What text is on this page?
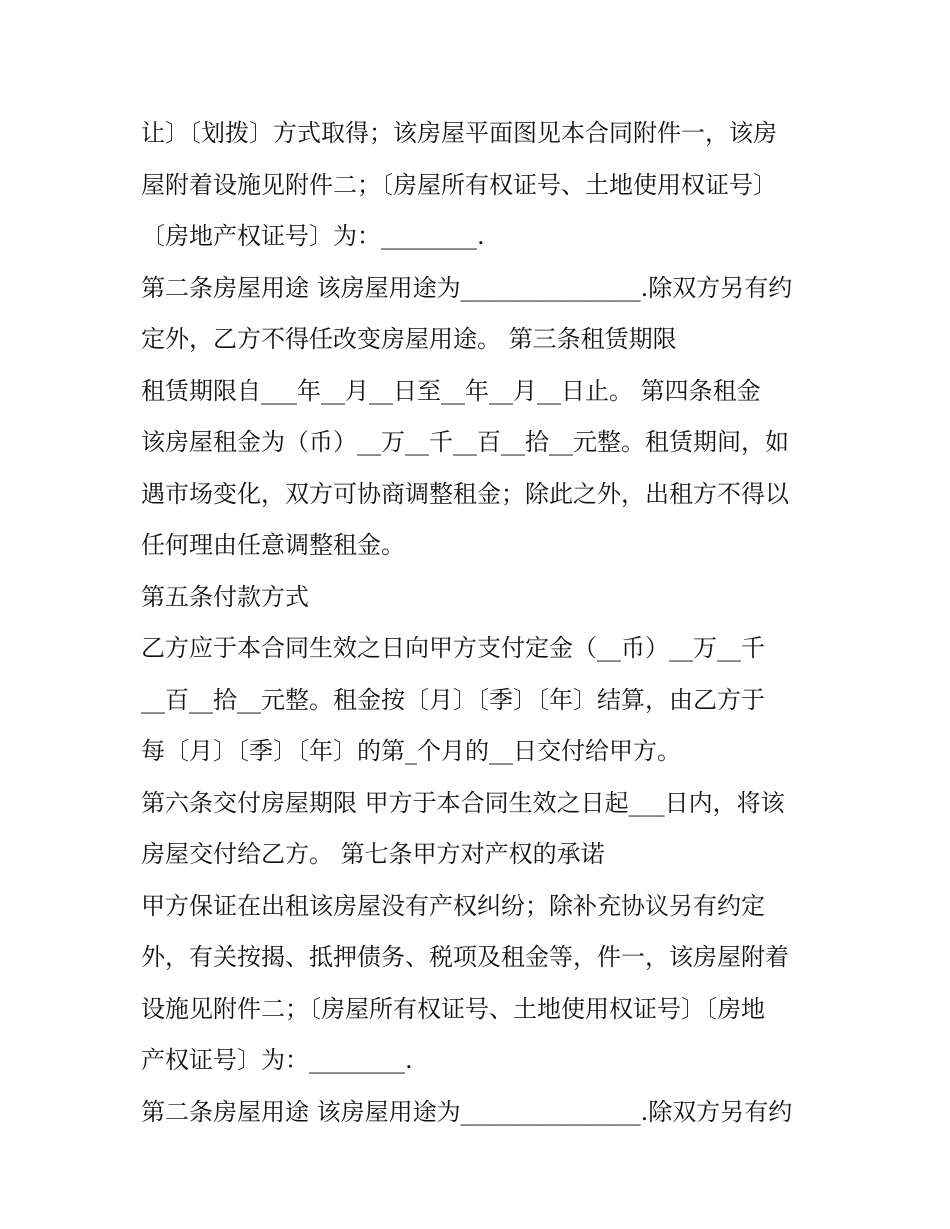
让〕〔划拨〕方式取得；该房屋平面图见本合同附件一，该房
屋附着设施见附件二；〔房屋所有权证号、土地使用权证号〕
〔房地产权证号〕为：________.
第二条房屋用途 该房屋用途为_______________.除双方另有约
定外，乙方不得任改变房屋用途。 第三条租赁期限
租赁期限自___年__月__日至__年__月__日止。 第四条租金
该房屋租金为（币）__万__千__百__拾__元整。租赁期间，如
遇市场变化，双方可协商调整租金；除此之外，出租方不得以
任何理由任意调整租金。
第五条付款方式
乙方应于本合同生效之日向甲方支付定金（__币）__万__千
__百__拾__元整。租金按〔月〕〔季〕〔年〕结算，由乙方于
每〔月〕〔季〕〔年〕的第_个月的__日交付给甲方。
第六条交付房屋期限 甲方于本合同生效之日起___日内，将该
房屋交付给乙方。 第七条甲方对产权的承诺
甲方保证在出租该房屋没有产权纠纷；除补充协议另有约定
外，有关按揭、抵押债务、税项及租金等，件一，该房屋附着
设施见附件二；〔房屋所有权证号、土地使用权证号〕〔房地
产权证号〕为：________.
第二条房屋用途 该房屋用途为_______________.除双方另有约
